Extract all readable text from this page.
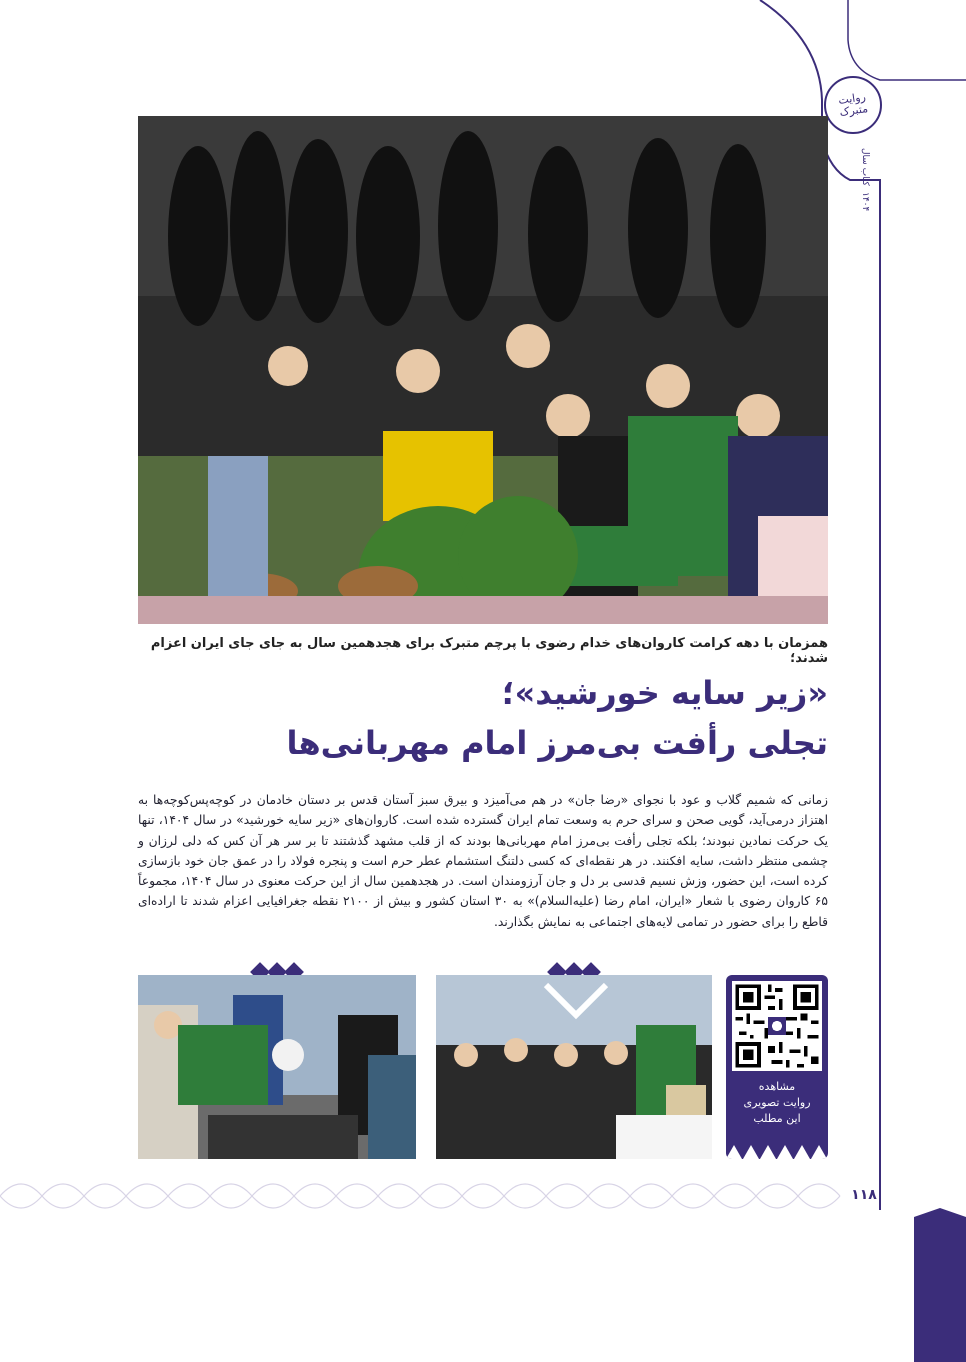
روایت متبرک
کتاب سال
۱۴۰۴
همزمان با دهه کرامت کاروان‌های خدام رضوی با پرچم متبرک برای هجدهمین سال به جای جای ایران اعزام شدند؛
«زیر سایه خورشید»؛
تجلی رأفت بی‌مرز امام مهربانی‌ها

زمانی که شمیم گلاب و عود با نجوای «رضا جان» در هم می‌آمیزد و بیرق سبز آستان قدس بر دستان خادمان در کوچه‌پس‌کوچه‌ها به اهتزاز درمی‌آید، گویی صحن و سرای حرم به وسعت تمام ایران گسترده شده است. کاروان‌های «زیر سایه خورشید» در سال ۱۴۰۴، تنها یک حرکت نمادین نبودند؛ بلکه تجلی رأفت بی‌مرز امام مهربانی‌ها بودند که از قلب مشهد گذشتند تا بر سر هر آن کس که دلی لرزان و چشمی منتظر داشت، سایه افکنند. در هر نقطه‌ای که کسی دلتنگ استشمام عطر حرم است و پنجره فولاد را در عمق جان خود بازسازی کرده است، این حضور، وزش نسیم قدسی بر دل و جان آرزومندان است. در هجدهمین سال از این حرکت معنوی در سال ۱۴۰۴، مجموعاً ۶۵ کاروان رضوی با شعار «ایران، امام رضا (علیه‌السلام)» به ۳۰ استان کشور و بیش از ۲۱۰۰ نقطه جغرافیایی اعزام شدند تا اراده‌ای قاطع را برای حضور در تمامی لایه‌های اجتماعی به نمایش بگذارند.

مشاهده
روایت تصویری
این مطلب
۱۱۸
